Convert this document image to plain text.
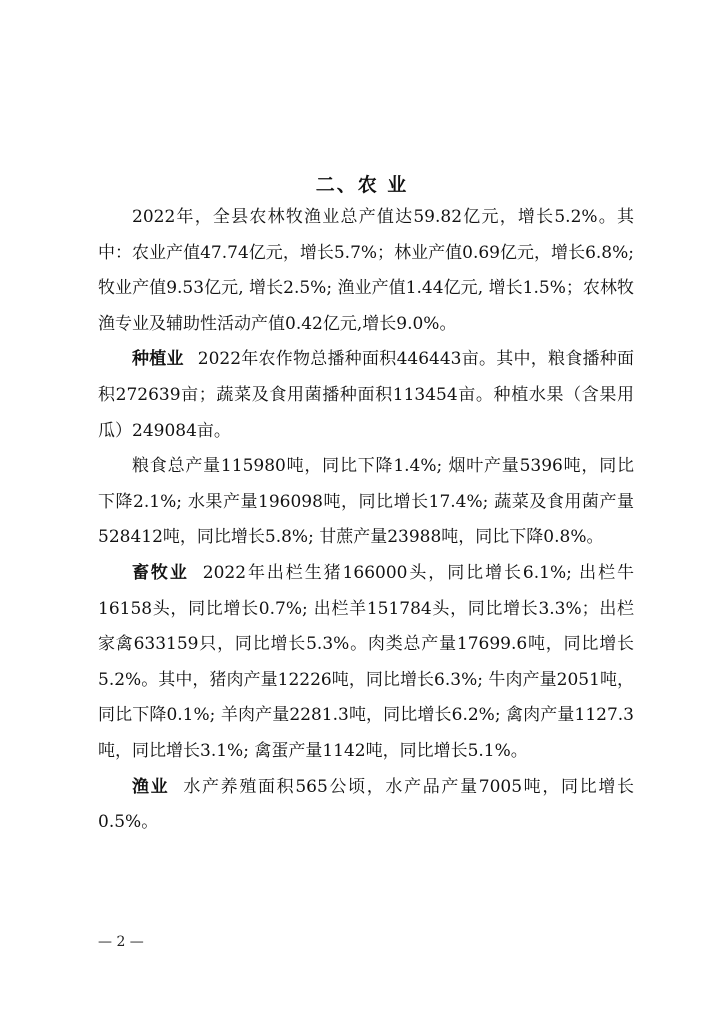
二、农 业

2022年，全县农林牧渔业总产值达59.82亿元，增长5.2%。其中：农业产值47.74亿元，增长5.7%；林业产值0.69亿元，增长6.8%; 牧业产值9.53亿元, 增长2.5%; 渔业产值1.44亿元, 增长1.5%；农林牧渔专业及辅助性活动产值0.42亿元,增长9.0%。

种植业 2022年农作物总播种面积446443亩。其中，粮食播种面积272639亩；蔬菜及食用菌播种面积113454亩。种植水果（含果用瓜）249084亩。

粮食总产量115980吨，同比下降1.4%; 烟叶产量5396吨，同比下降2.1%; 水果产量196098吨，同比增长17.4%; 蔬菜及食用菌产量528412吨，同比增长5.8%; 甘蔗产量23988吨，同比下降0.8%。

畜牧业 2022年出栏生猪166000头，同比增长6.1%; 出栏牛16158头，同比增长0.7%; 出栏羊151784头，同比增长3.3%；出栏家禽633159只，同比增长5.3%。肉类总产量17699.6吨，同比增长5.2%。其中，猪肉产量12226吨，同比增长6.3%; 牛肉产量2051吨，同比下降0.1%; 羊肉产量2281.3吨，同比增长6.2%; 禽肉产量1127.3吨，同比增长3.1%; 禽蛋产量1142吨，同比增长5.1%。

渔业 水产养殖面积565公顷，水产品产量7005吨，同比增长0.5%。

— 2 —
